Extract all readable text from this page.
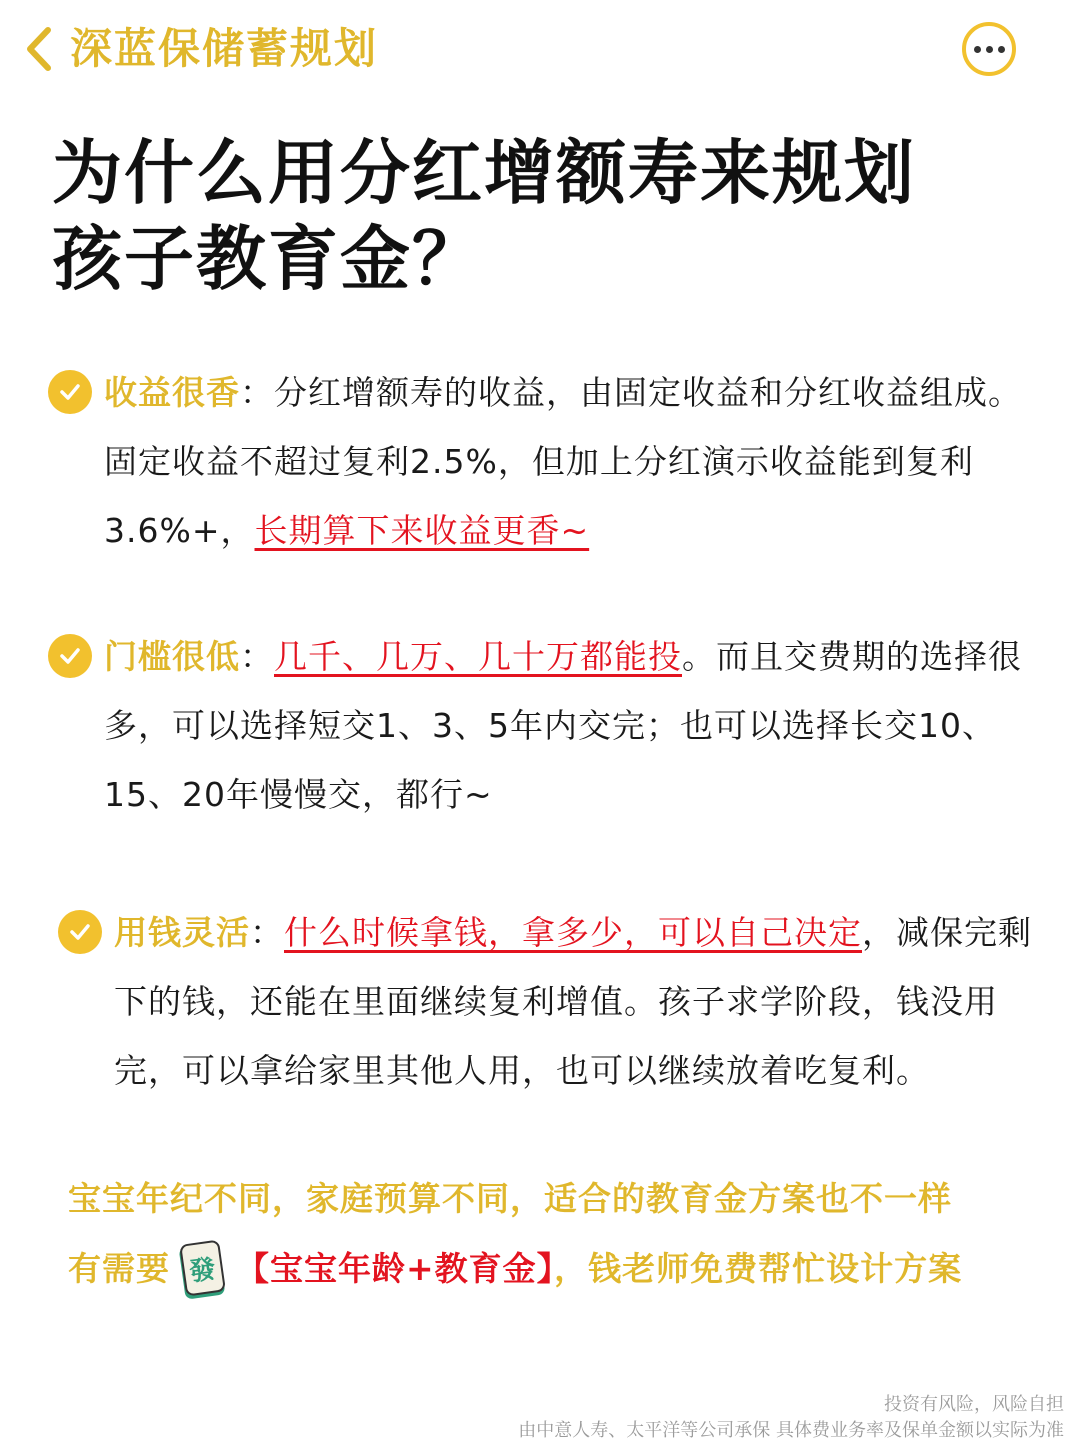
深蓝保储蓄规划
为什么用分红增额寿来规划
孩子教育金？
收益很香：分红增额寿的收益，由固定收益和分红收益组成。固定收益不超过复利2.5%，但加上分红演示收益能到复利3.6%+，长期算下来收益更香~
门槛很低：几千、几万、几十万都能投。而且交费期的选择很多，可以选择短交1、3、5年内交完；也可以选择长交10、15、20年慢慢交，都行~
用钱灵活：什么时候拿钱，拿多少，可以自己决定，减保完剩下的钱，还能在里面继续复利增值。孩子求学阶段，钱没用完，可以拿给家里其他人用，也可以继续放着吃复利。
宝宝年纪不同，家庭预算不同，适合的教育金方案也不一样
有需要 發 【宝宝年龄+教育金】，钱老师免费帮忙设计方案
投资有风险，风险自担
由中意人寿、太平洋等公司承保 具体费业务率及保单金额以实际为准
